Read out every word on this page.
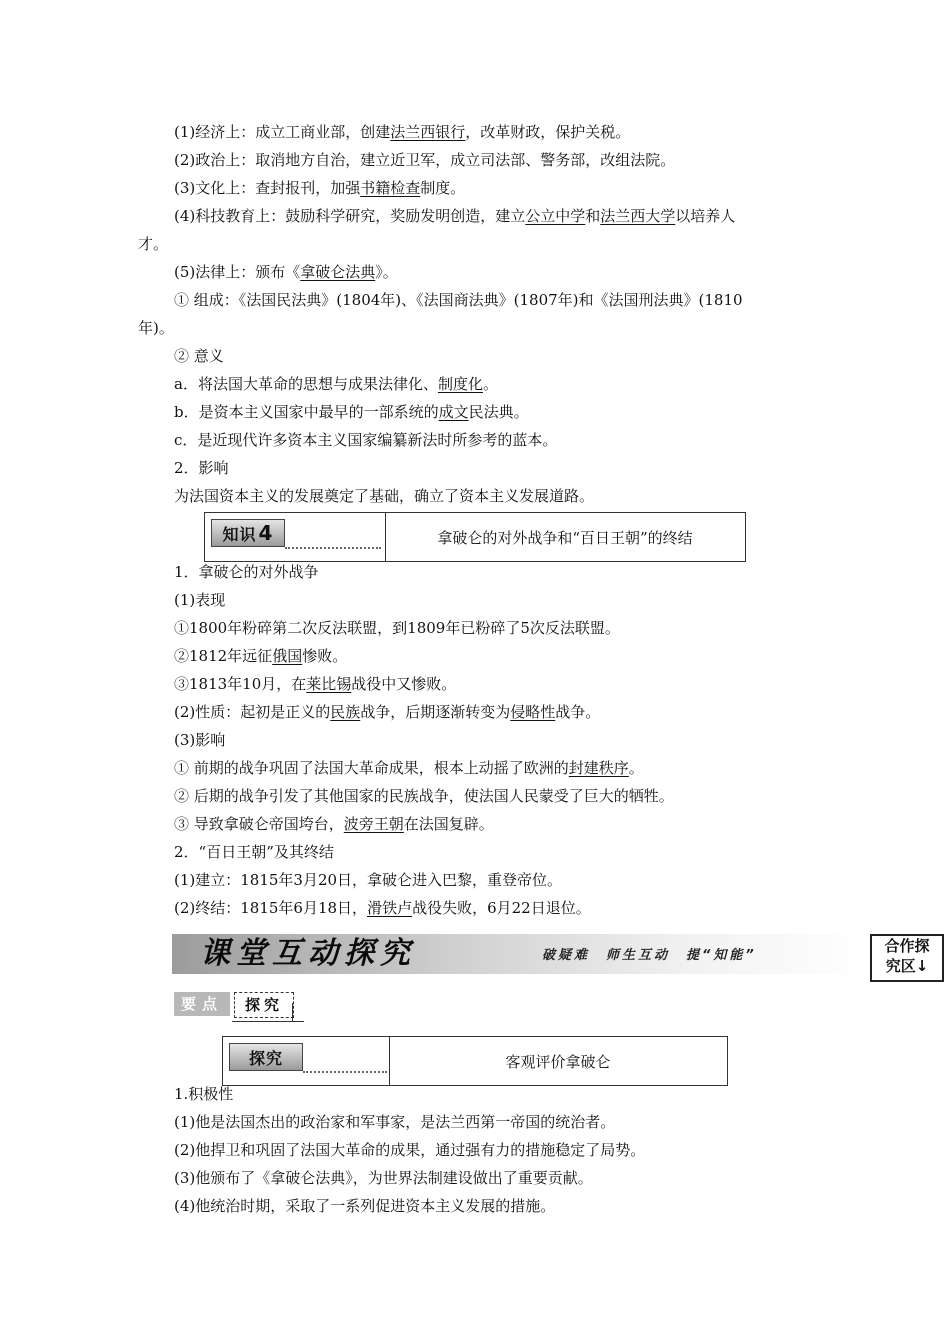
(1)经济上：成立工商业部，创建法兰西银行，改革财政，保护关税。
(2)政治上：取消地方自治，建立近卫军，成立司法部、警务部，改组法院。
(3)文化上：查封报刊，加强书籍检查制度。
(4)科技教育上：鼓励科学研究，奖励发明创造，建立公立中学和法兰西大学以培养人
才。
(5)法律上：颁布《拿破仑法典》。
① 组成：《法国民法典》(1804年)、《法国商法典》(1807年)和《法国刑法典》(1810
年)。
② 意义
a．将法国大革命的思想与成果法律化、制度化。
b．是资本主义国家中最早的一部系统的成文民法典。
c．是近现代许多资本主义国家编纂新法时所参考的蓝本。
2．影响
为法国资本主义的发展奠定了基础，确立了资本主义发展道路。
知识 4	拿破仑的对外战争和“百日王朝”的终结
1．拿破仑的对外战争
(1)表现
①1800年粉碎第二次反法联盟，到1809年已粉碎了5次反法联盟。
②1812年远征俄国惨败。
③1813年10月，在莱比锡战役中又惨败。
(2)性质：起初是正义的民族战争，后期逐渐转变为侵略性战争。
(3)影响
① 前期的战争巩固了法国大革命成果，根本上动摇了欧洲的封建秩序。
② 后期的战争引发了其他国家的民族战争，使法国人民蒙受了巨大的牺牲。
③ 导致拿破仑帝国垮台，波旁王朝在法国复辟。
2．“百日王朝”及其终结
(1)建立：1815年3月20日，拿破仑进入巴黎，重登帝位。
(2)终结：1815年6月18日，滑铁卢战役失败，6月22日退位。
课堂互动探究	破疑难　师生互动　提“知能”
合作探
究区↓
要点	探究
探究	客观评价拿破仑
1.积极性
(1)他是法国杰出的政治家和军事家，是法兰西第一帝国的统治者。
(2)他捍卫和巩固了法国大革命的成果，通过强有力的措施稳定了局势。
(3)他颁布了《拿破仑法典》，为世界法制建设做出了重要贡献。
(4)他统治时期，采取了一系列促进资本主义发展的措施。
